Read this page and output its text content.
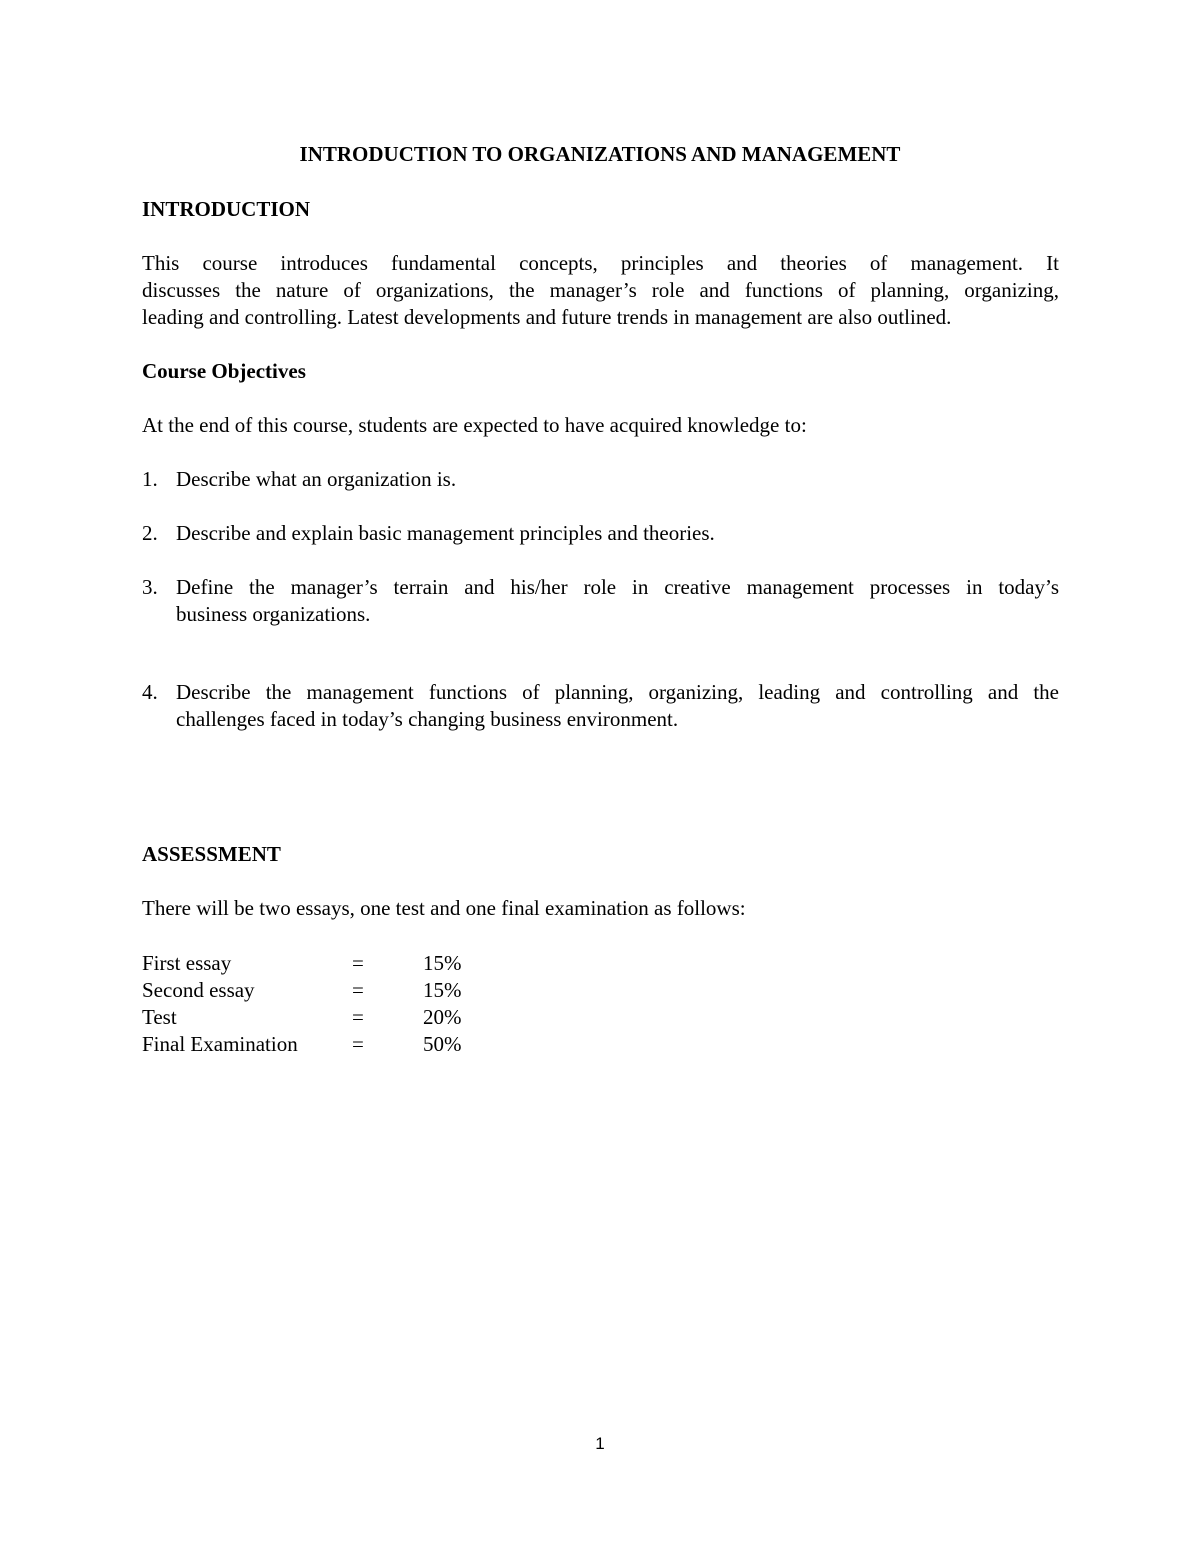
INTRODUCTION TO ORGANIZATIONS AND MANAGEMENT
INTRODUCTION
This course introduces fundamental concepts, principles and theories of management. It
discusses the nature of organizations, the manager’s role and functions of planning, organizing,
leading and controlling. Latest developments and future trends in management are also outlined.
Course Objectives
At the end of this course, students are expected to have acquired knowledge to:
1. Describe what an organization is.
2. Describe and explain basic management principles and theories.
3. Define the manager’s terrain and his/her role in creative management processes in today’s
business organizations.
4. Describe the management functions of planning, organizing, leading and controlling and the
challenges faced in today’s changing business environment.
ASSESSMENT
There will be two essays, one test and one final examination as follows:
First essay	=	15%
Second essay	=	15%
Test	=	20%
Final Examination	=	50%
1
